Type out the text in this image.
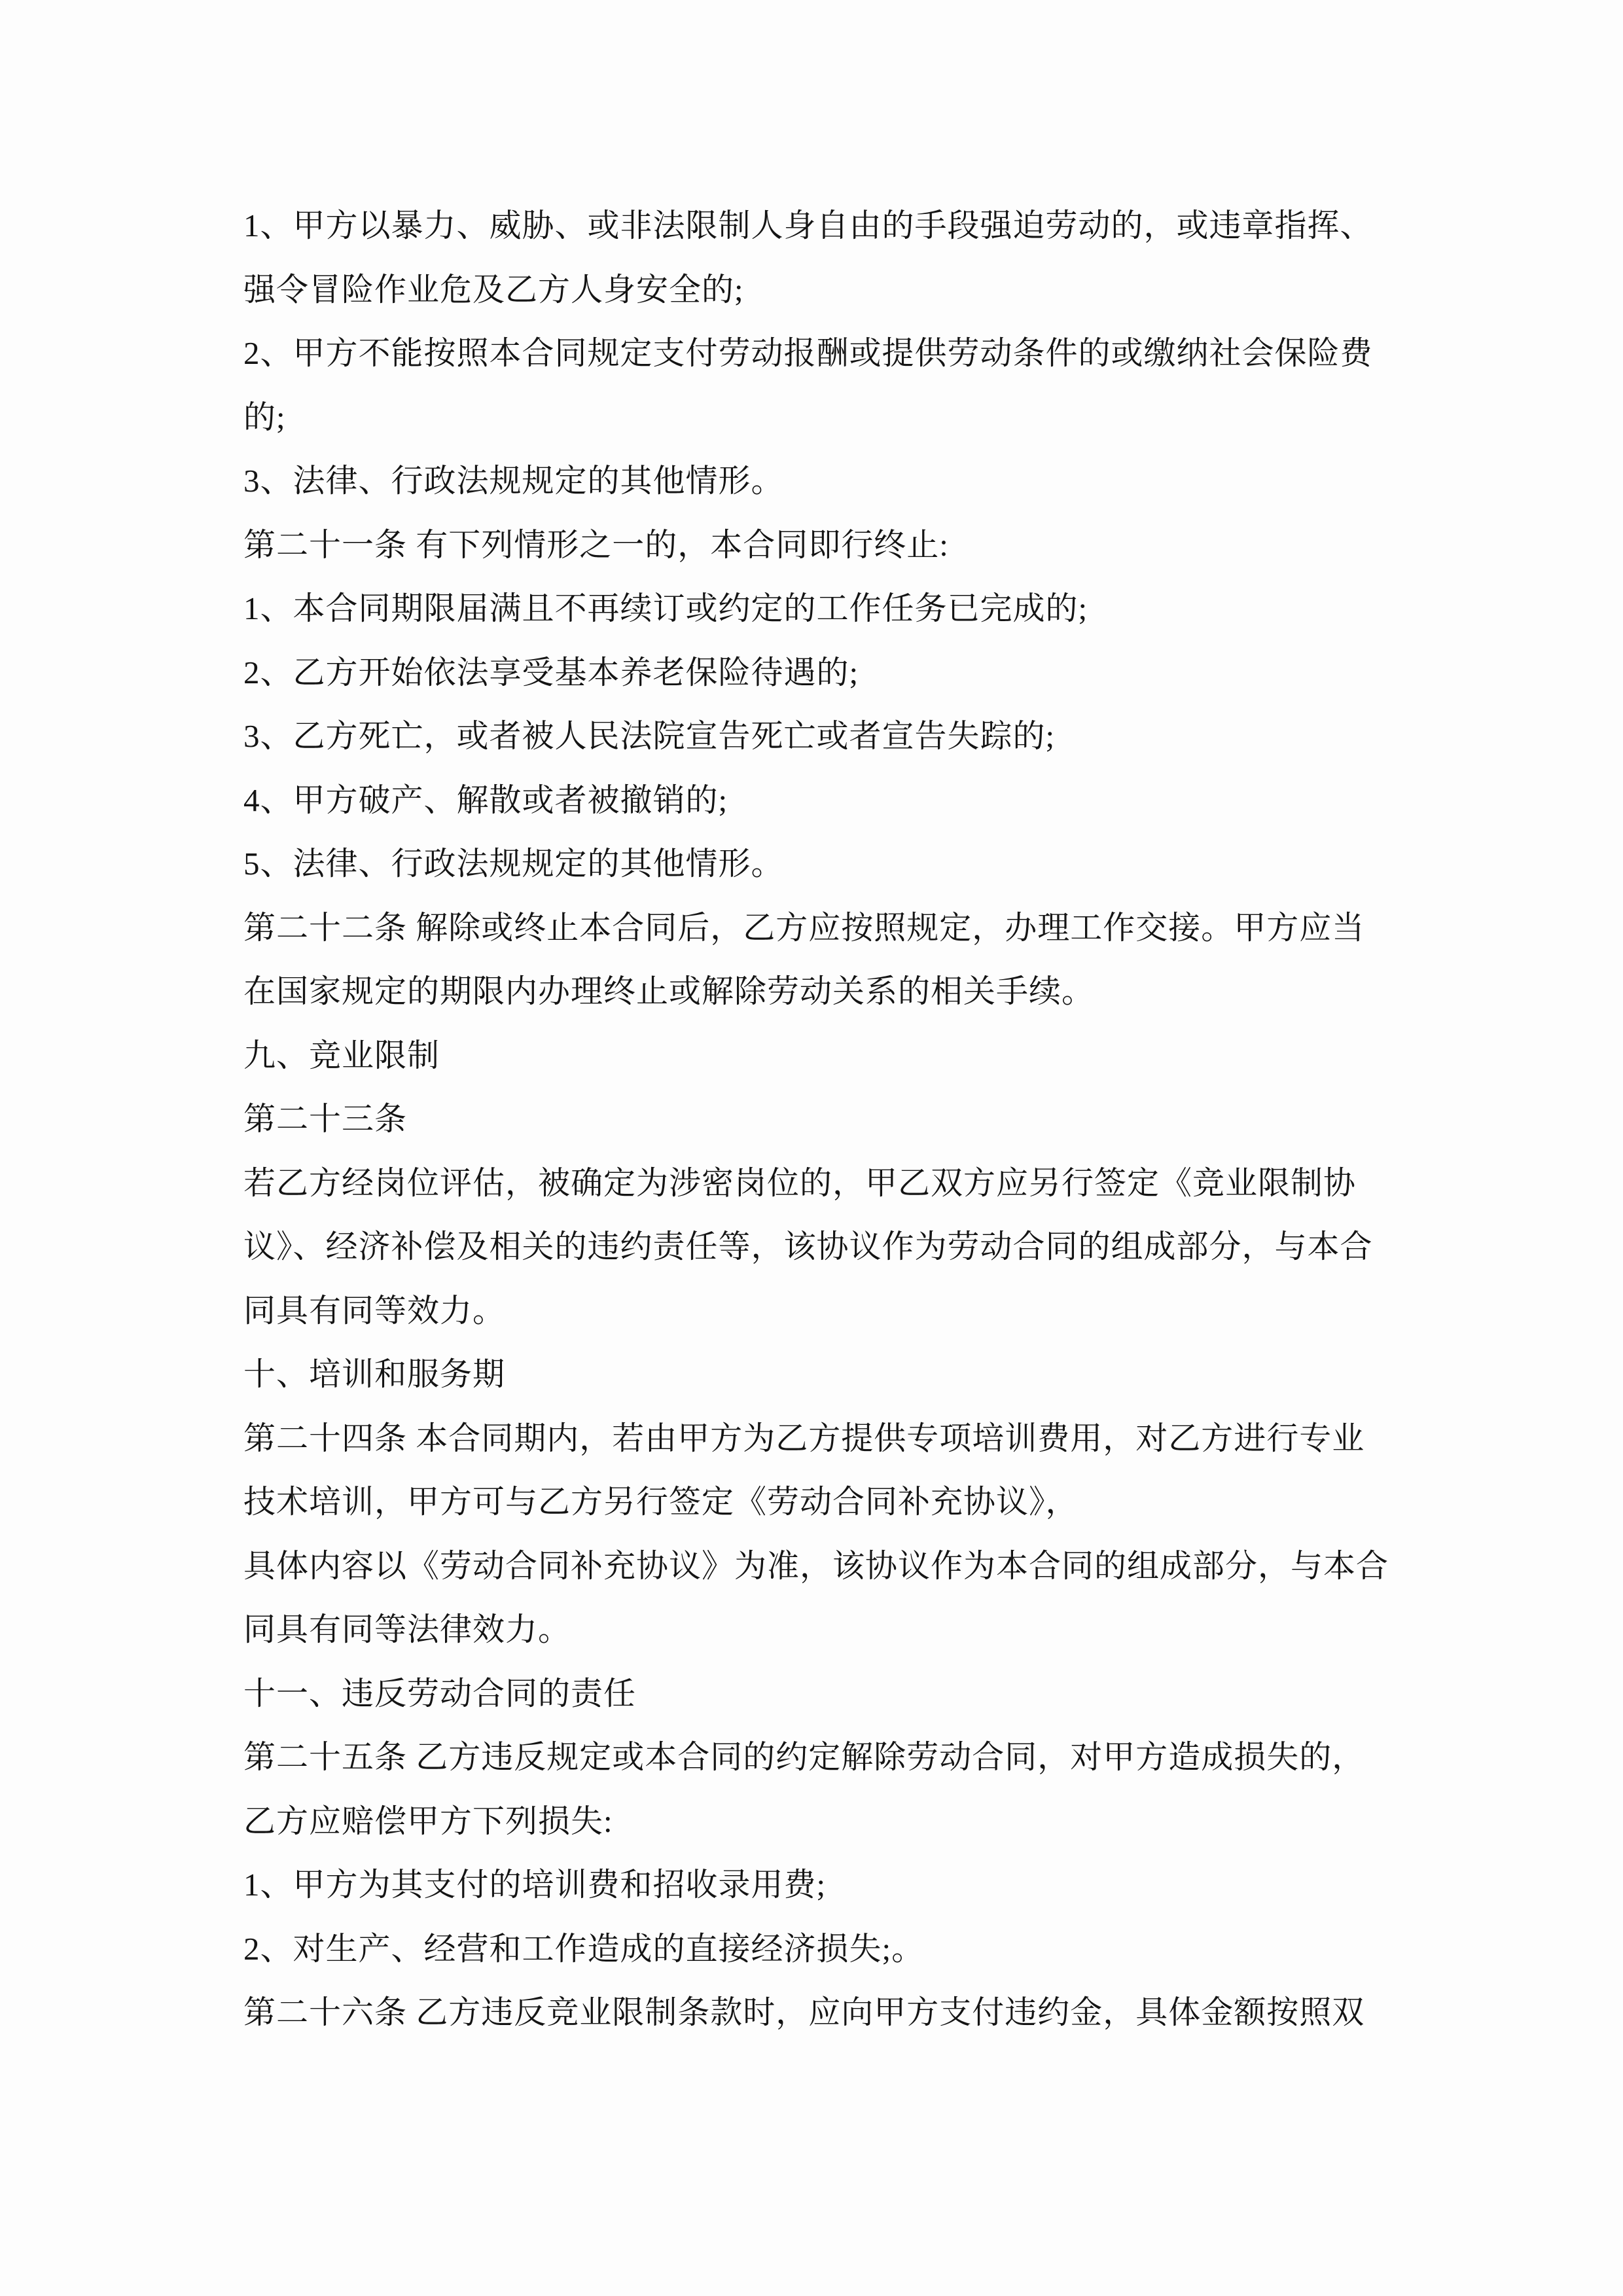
1、甲方以暴力、威胁、或非法限制人身自由的手段强迫劳动的，或违章指挥、
强令冒险作业危及乙方人身安全的;
2、甲方不能按照本合同规定支付劳动报酬或提供劳动条件的或缴纳社会保险费
的;
3、法律、行政法规规定的其他情形。
第二十一条 有下列情形之一的，本合同即行终止:
1、本合同期限届满且不再续订或约定的工作任务已完成的;
2、乙方开始依法享受基本养老保险待遇的;
3、乙方死亡，或者被人民法院宣告死亡或者宣告失踪的;
4、甲方破产、解散或者被撤销的;
5、法律、行政法规规定的其他情形。
第二十二条 解除或终止本合同后，乙方应按照规定，办理工作交接。甲方应当
在国家规定的期限内办理终止或解除劳动关系的相关手续。
九、竞业限制
第二十三条
若乙方经岗位评估，被确定为涉密岗位的，甲乙双方应另行签定《竞业限制协
议》、经济补偿及相关的违约责任等，该协议作为劳动合同的组成部分，与本合
同具有同等效力。
十、培训和服务期
第二十四条 本合同期内，若由甲方为乙方提供专项培训费用，对乙方进行专业
技术培训，甲方可与乙方另行签定《劳动合同补充协议》，
具体内容以《劳动合同补充协议》为准，该协议作为本合同的组成部分，与本合
同具有同等法律效力。
十一、违反劳动合同的责任
第二十五条 乙方违反规定或本合同的约定解除劳动合同，对甲方造成损失的，
乙方应赔偿甲方下列损失:
1、甲方为其支付的培训费和招收录用费;
2、对生产、经营和工作造成的直接经济损失;。
第二十六条 乙方违反竞业限制条款时，应向甲方支付违约金，具体金额按照双
